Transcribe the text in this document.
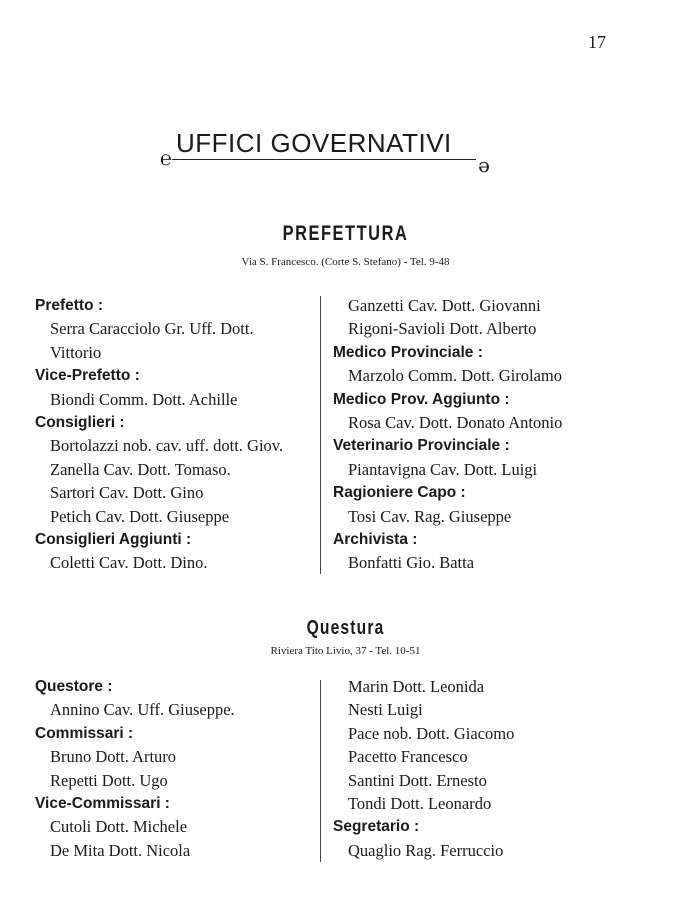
17
℮	ə
UFFICI GOVERNATIVI
PREFETTURA
Via S. Francesco. (Corte S. Stefano) - Tel. 9-48
Prefetto :
Serra Caracciolo Gr. Uff. Dott.
Vittorio
Vice-Prefetto :
Biondi Comm. Dott. Achille
Consiglieri :
Bortolazzi nob. cav. uff. dott. Giov.
Zanella Cav. Dott. Tomaso.
Sartori Cav. Dott. Gino
Petich Cav. Dott. Giuseppe
Consiglieri Aggiunti :
Coletti Cav. Dott. Dino.
Ganzetti Cav. Dott. Giovanni
Rigoni-Savioli Dott. Alberto
Medico Provinciale :
Marzolo Comm. Dott. Girolamo
Medico Prov. Aggiunto :
Rosa Cav. Dott. Donato Antonio
Veterinario Provinciale :
Piantavigna Cav. Dott. Luigi
Ragioniere Capo :
Tosi Cav. Rag. Giuseppe
Archivista :
Bonfatti Gio. Batta
Questura
Riviera Tito Livio, 37 - Tel. 10-51
Questore :
Annino Cav. Uff. Giuseppe.
Commissari :
Bruno Dott. Arturo
Repetti Dott. Ugo
Vice-Commissari :
Cutoli Dott. Michele
De Mita Dott. Nicola
Marin Dott. Leonida
Nesti Luigi
Pace nob. Dott. Giacomo
Pacetto Francesco
Santini Dott. Ernesto
Tondi Dott. Leonardo
Segretario :
Quaglio Rag. Ferruccio
